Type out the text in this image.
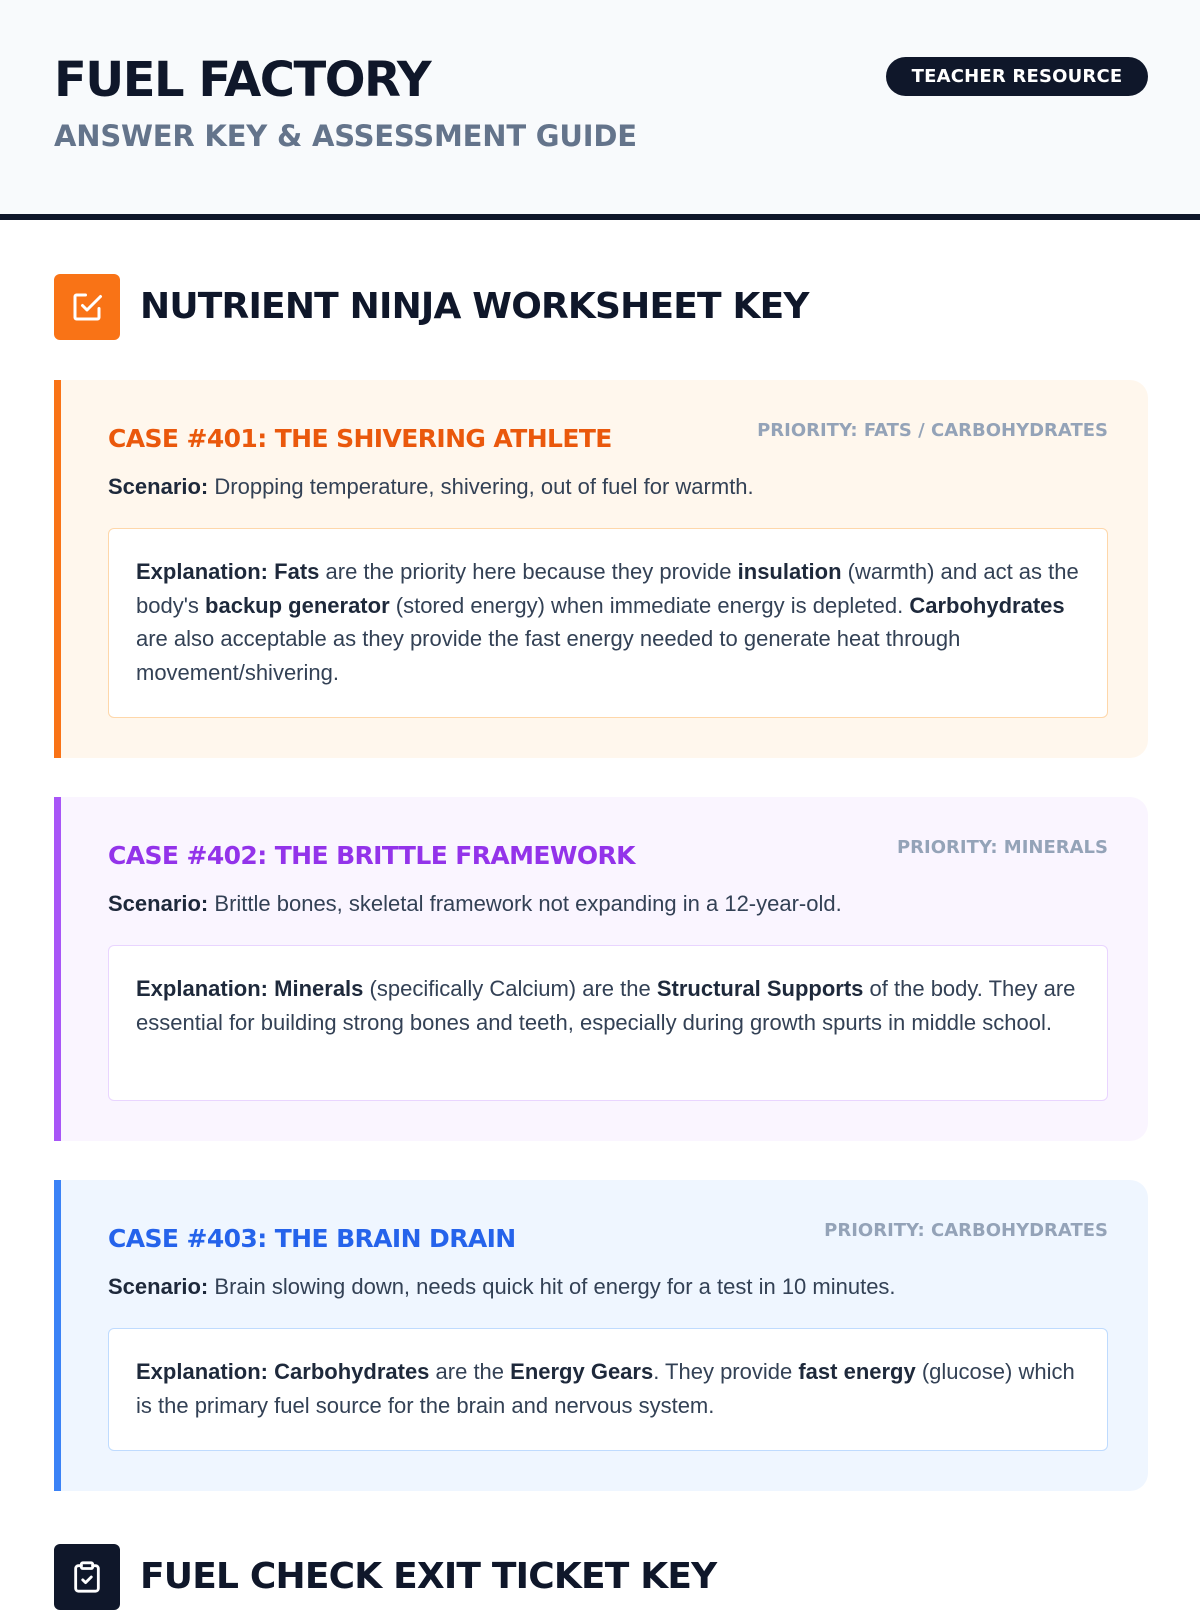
FUEL FACTORY
ANSWER KEY & ASSESSMENT GUIDE
TEACHER RESOURCE
NUTRIENT NINJA WORKSHEET KEY
CASE #401: THE SHIVERING ATHLETE	PRIORITY: FATS / CARBOHYDRATES
Scenario: Dropping temperature, shivering, out of fuel for warmth.
Explanation: Fats are the priority here because they provide insulation (warmth) and act as the body's backup generator (stored energy) when immediate energy is depleted. Carbohydrates are also acceptable as they provide the fast energy needed to generate heat through movement/shivering.
CASE #402: THE BRITTLE FRAMEWORK	PRIORITY: MINERALS
Scenario: Brittle bones, skeletal framework not expanding in a 12-year-old.
Explanation: Minerals (specifically Calcium) are the Structural Supports of the body. They are essential for building strong bones and teeth, especially during growth spurts in middle school.
CASE #403: THE BRAIN DRAIN	PRIORITY: CARBOHYDRATES
Scenario: Brain slowing down, needs quick hit of energy for a test in 10 minutes.
Explanation: Carbohydrates are the Energy Gears. They provide fast energy (glucose) which is the primary fuel source for the brain and nervous system.
FUEL CHECK EXIT TICKET KEY
